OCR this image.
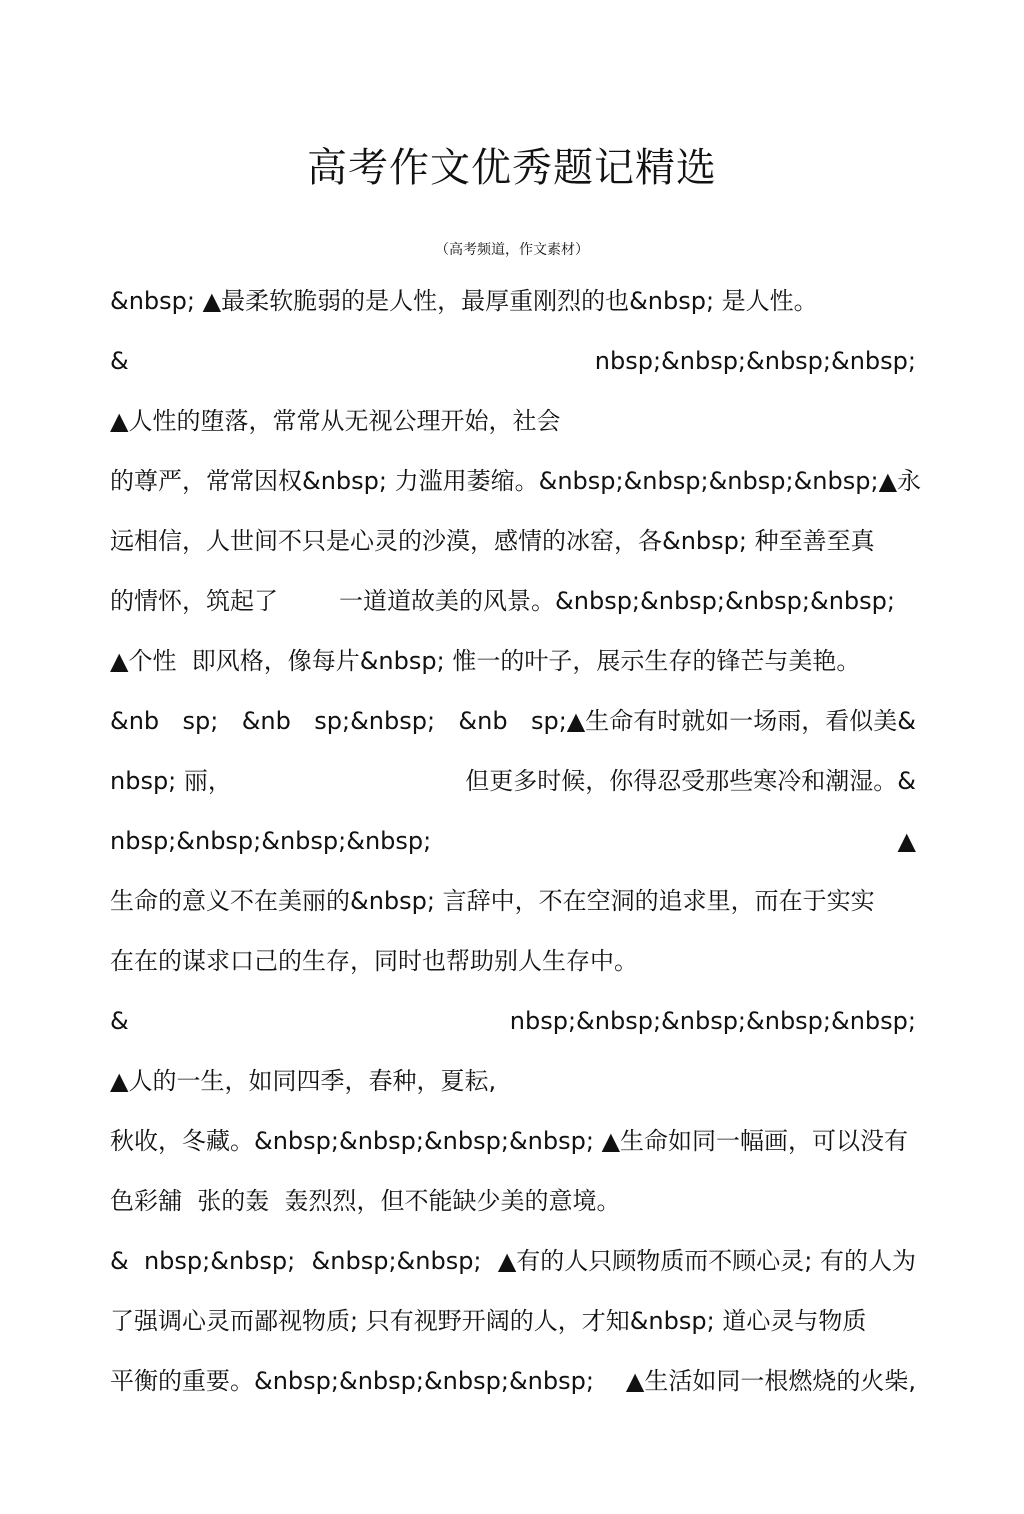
高考作文优秀题记精选
（高考频道，作文素材）
&nbsp; ▲最柔软脆弱的是人性，最厚重刚烈的也&nbsp; 是人性。
&	nbsp;&nbsp;&nbsp;&nbsp;
▲人性的堕落，常常从无视公理开始，社会
的尊严，常常因权&nbsp; 力滥用萎缩。&nbsp;&nbsp;&nbsp;&nbsp; ▲永
远相信，人世间不只是心灵的沙漠，感情的冰窑，各&nbsp; 种至善至真
的情怀，筑起了        一道道故美的风景。&nbsp;&nbsp;&nbsp;&nbsp;
▲个性  即风格，像每片&nbsp; 惟一的叶子，展示生存的锋芒与美艳。
&nb sp; &nb sp;&nbsp; &nb sp;▲生命有时就如一场雨，看似美&
nbsp; 丽，	但更多时候，你得忍受那些寒冷和潮湿。&
nbsp;&nbsp;&nbsp;&nbsp;	▲
生命的意义不在美丽的&nbsp; 言辞中，不在空洞的追求里，而在于实实
在在的谋求口己的生存，同时也帮助别人生存中。
&	nbsp;&nbsp;&nbsp;&nbsp;&nbsp;
▲人的一生，如同四季，春种，夏耘,
秋收，冬藏。&nbsp;&nbsp;&nbsp;&nbsp; ▲生命如同一幅画，可以没有
色彩舖  张的轰  轰烈烈，但不能缺少美的意境。
&  nbsp;&nbsp; &nbsp;&nbsp; ▲有的人只顾物质而不顾心灵; 有的人为
了强调心灵而鄙视物质; 只有视野开阔的人，才知&nbsp; 道心灵与物质
平衡的重要。&nbsp;&nbsp;&nbsp;&nbsp; ▲生活如同一根燃烧的火柴,
